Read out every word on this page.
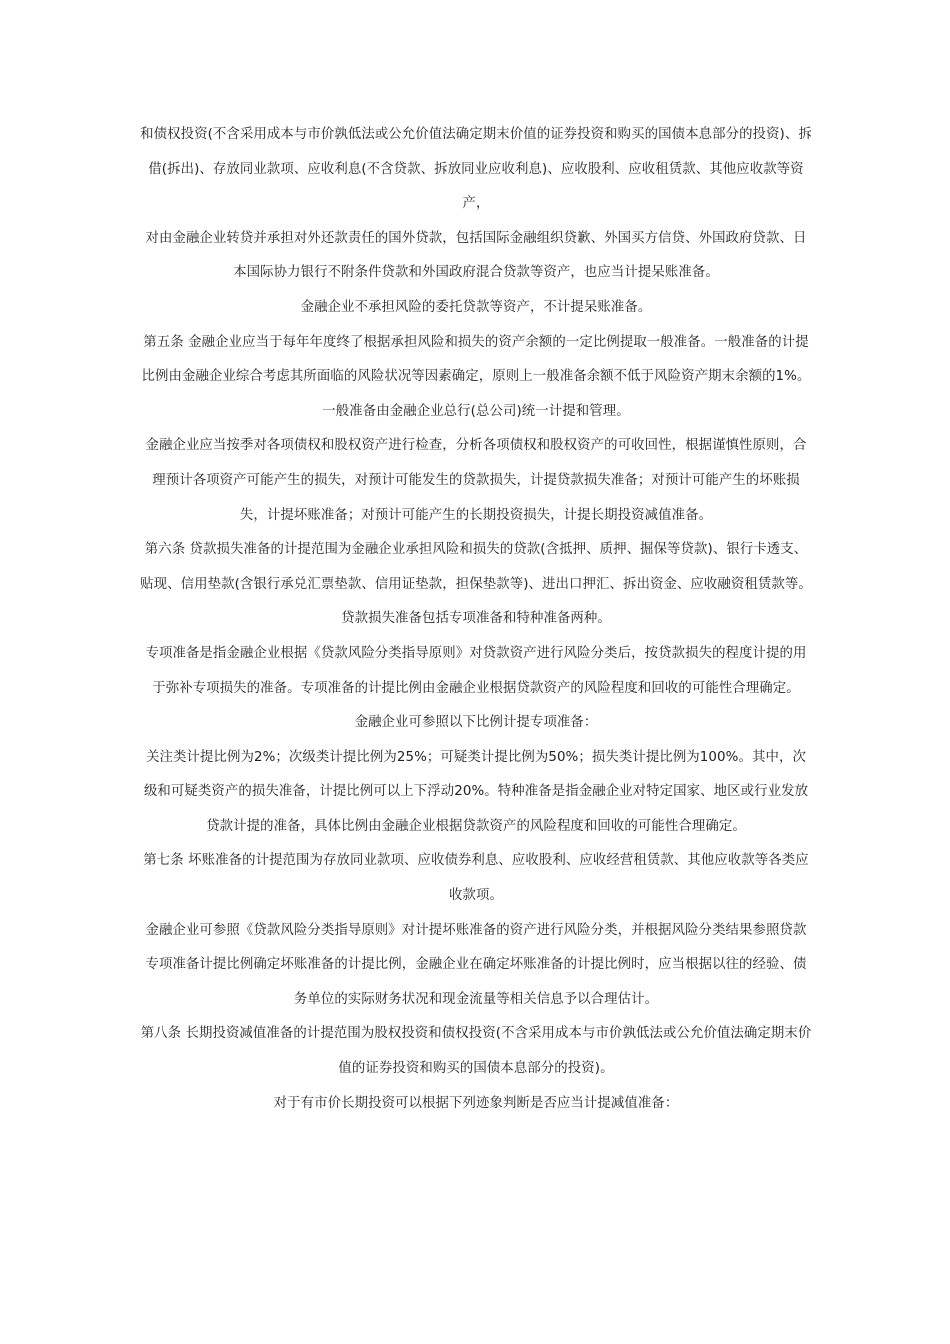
和债权投资(不含采用成本与市价孰低法或公允价值法确定期末价值的证券投资和购买的国债本息部分的投资)、拆借(拆出)、存放同业款项、应收利息(不含贷款、拆放同业应收利息)、应收股利、应收租赁款、其他应收款等资产，

对由金融企业转贷并承担对外还款责任的国外贷款，包括国际金融组织贷歉、外国买方信贷、外国政府贷款、日本国际协力银行不附条件贷款和外国政府混合贷款等资产，也应当计提呆账准备。

金融企业不承担风险的委托贷款等资产，不计提呆账准备。

第五条 金融企业应当于每年年度终了根据承担风险和损失的资产余额的一定比例提取一般准备。一般准备的计提比例由金融企业综合考虑其所面临的风险状况等因素确定，原则上一般准备余额不低于风险资产期末余额的1%。一般准备由金融企业总行(总公司)统一计提和管理。

金融企业应当按季对各项债权和股权资产进行检查，分析各项债权和股权资产的可收回性，根据谨慎性原则，合理预计各项资产可能产生的损失，对预计可能发生的贷款损失，计提贷款损失准备；对预计可能产生的坏账损失，计提坏账准备；对预计可能产生的长期投资损失，计提长期投资减值准备。

第六条 贷款损失准备的计提范围为金融企业承担风险和损失的贷款(含抵押、质押、掘保等贷款)、银行卡透支、贴现、信用垫款(含银行承兑汇票垫款、信用证垫款，担保垫款等)、进出口押汇、拆出资金、应收融资租赁款等。

贷款损失准备包括专项准备和特种准备两种。

专项准备是指金融企业根据《贷款风险分类指导原则》对贷款资产进行风险分类后，按贷款损失的程度计提的用于弥补专项损失的准备。专项准备的计提比例由金融企业根据贷款资产的风险程度和回收的可能性合理确定。

金融企业可参照以下比例计提专项准备：

关注类计提比例为2%；次级类计提比例为25%；可疑类计提比例为50%；损失类计提比例为100%。其中，次级和可疑类资产的损失准备，计提比例可以上下浮动20%。特种准备是指金融企业对特定国家、地区或行业发放贷款计提的准备，具体比例由金融企业根据贷款资产的风险程度和回收的可能性合理确定。

第七条 坏账准备的计提范围为存放同业款项、应收债券利息、应收股利、应收经营租赁款、其他应收款等各类应收款项。

金融企业可参照《贷款风险分类指导原则》对计提坏账准备的资产进行风险分类，并根据风险分类结果参照贷款专项准备计提比例确定坏账准备的计提比例，金融企业在确定坏账准备的计提比例时，应当根据以往的经验、债务单位的实际财务状况和现金流量等相关信息予以合理估计。

第八条 长期投资减值准备的计提范围为股权投资和债权投资(不含采用成本与市价孰低法或公允价值法确定期末价值的证券投资和购买的国债本息部分的投资)。

对于有市价长期投资可以根据下列迹象判断是否应当计提减值准备：
